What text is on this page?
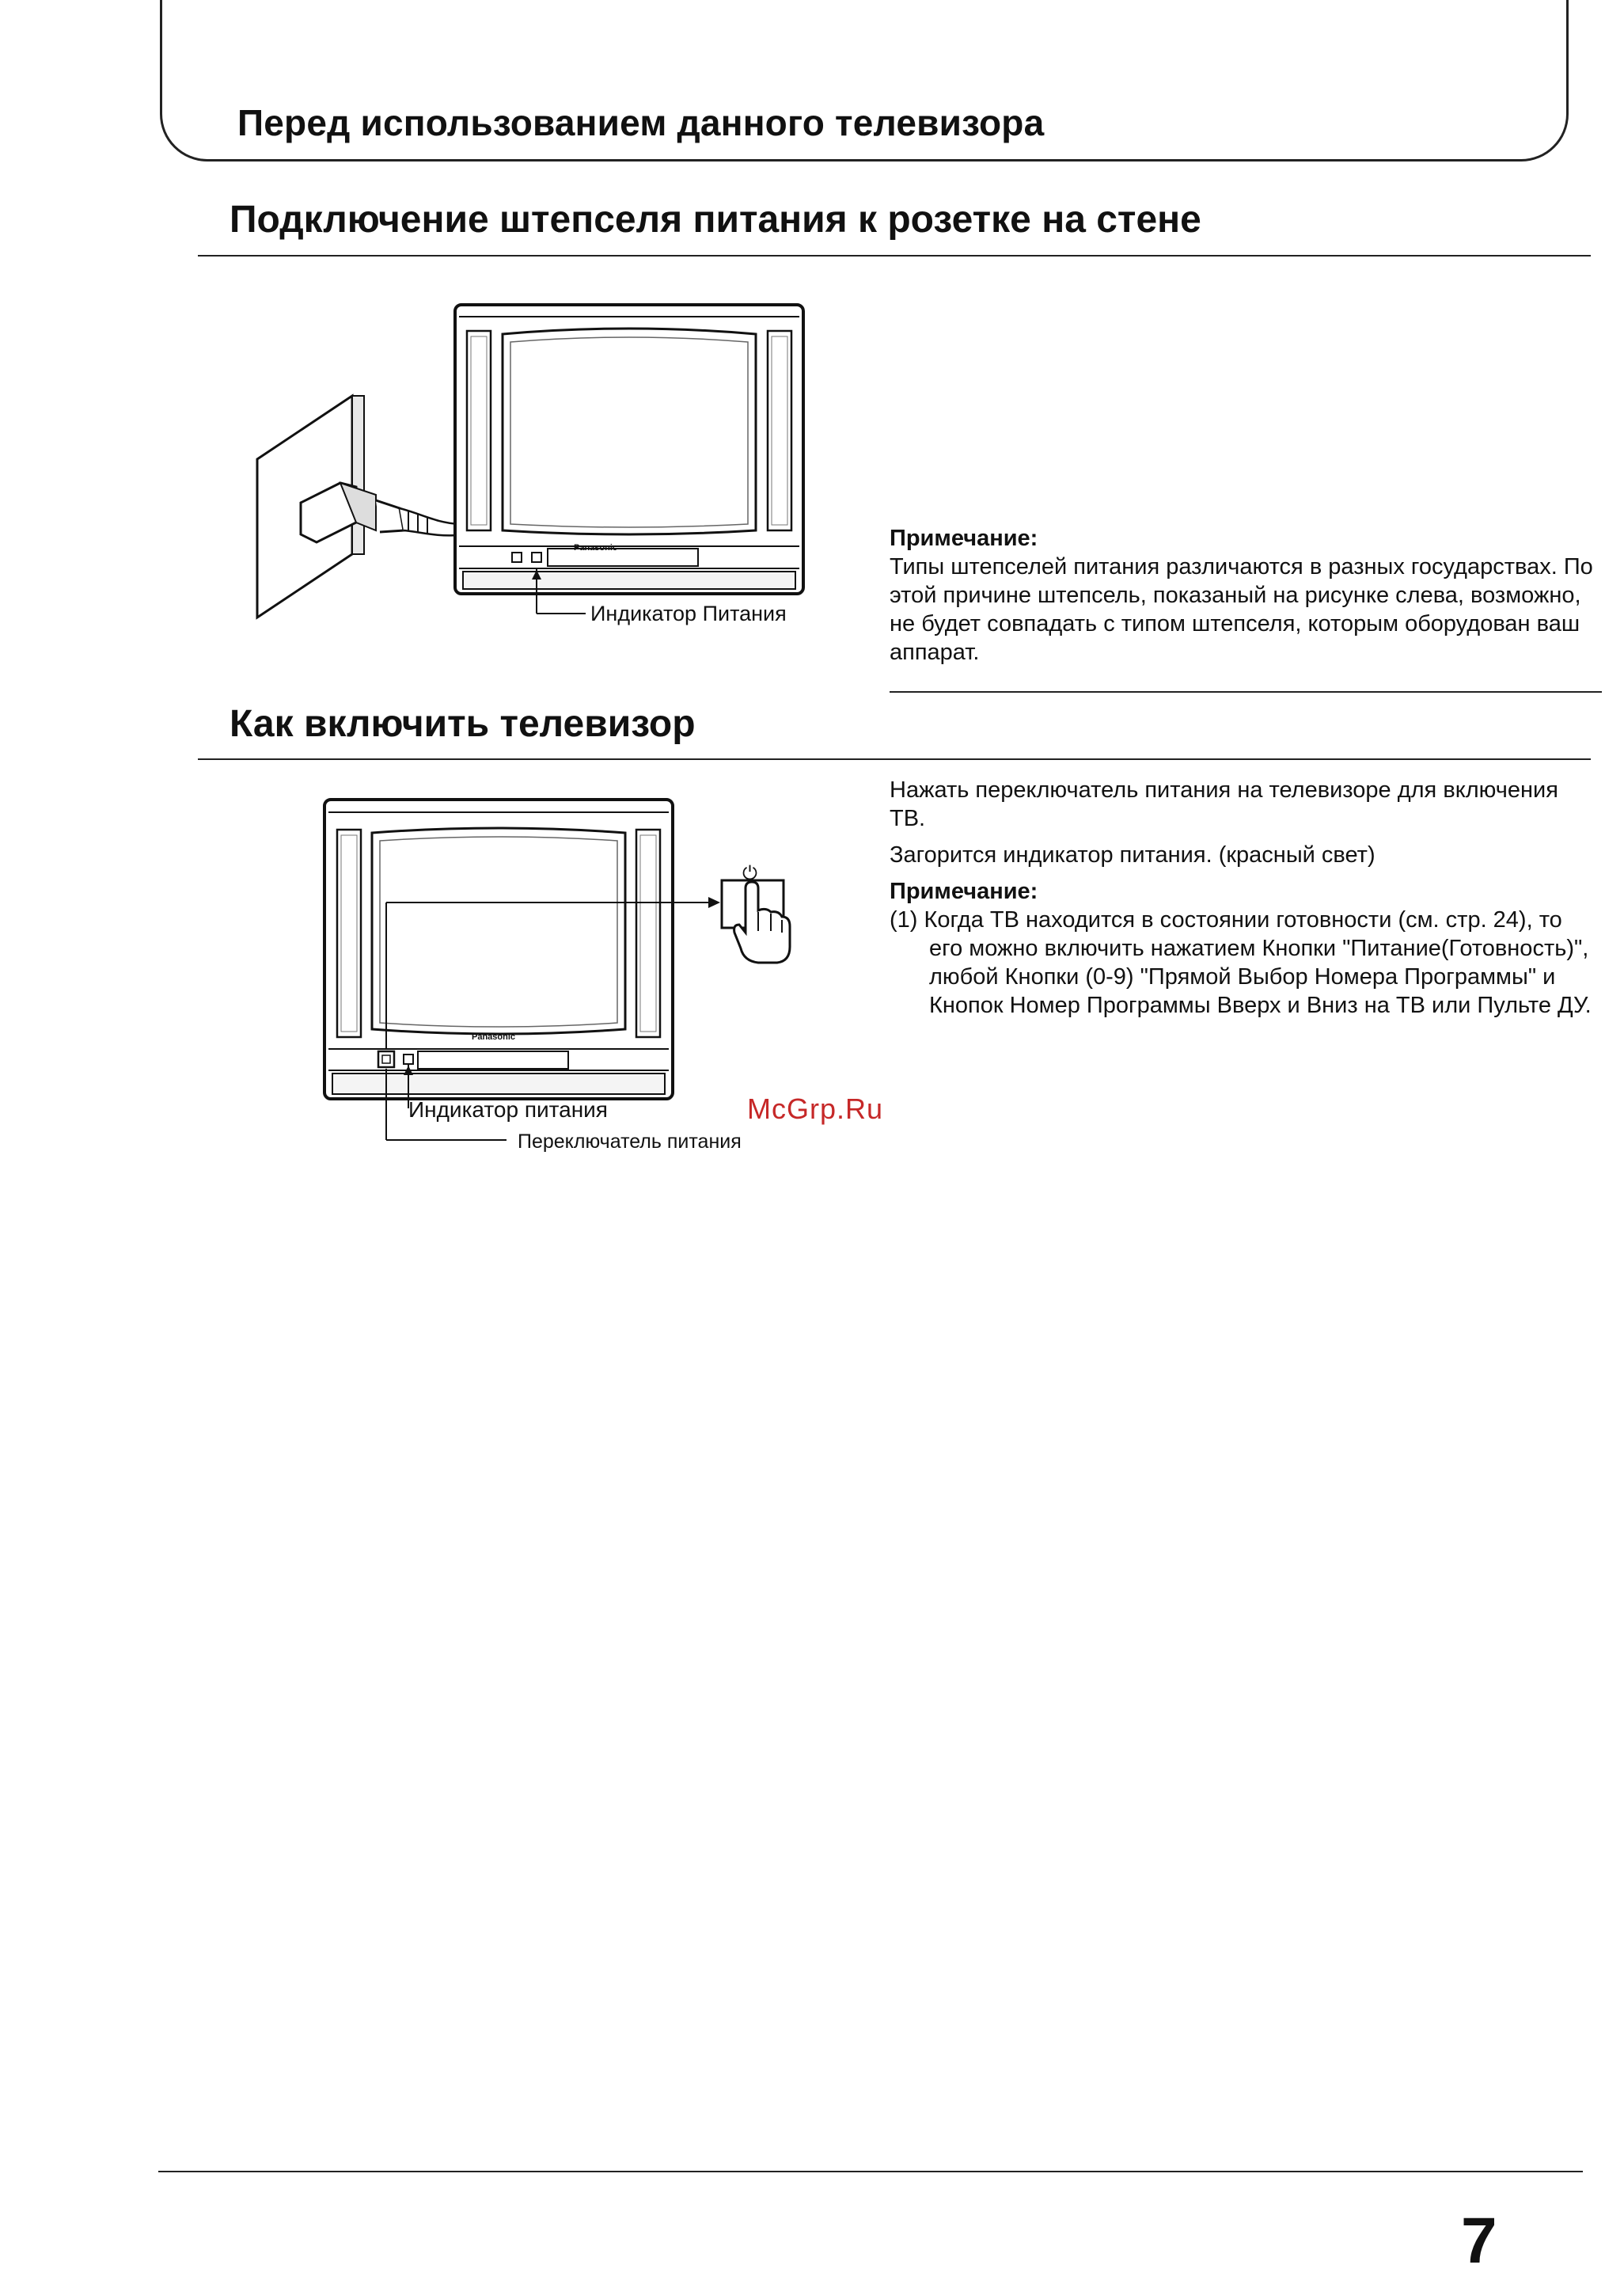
Перед использованием данного телевизора
Подключение штепселя питания к розетке на стене
Panasonic
Индикатор Питания
Примечание:
Типы штепселей питания различаются в разных государствах. По этой причине штепсель, показаный на рисунке слева, возможно, не будет совпадать с типом штепселя, которым оборудован ваш аппарат.
Как включить телевизор
Panasonic
⏻
Индикатор питания
Переключатель питания
Нажать переключатель питания на телевизоре для включения ТВ.
Загорится индикатор питания. (красный свет)
Примечание:
(1) Когда ТВ находится в состоянии готовности (см. стр. 24), то его можно включить нажатием Кнопки "Питание(Готовность)", любой Кнопки (0-9) "Прямой Выбор Номера Программы" и Кнопок Номер Программы Вверх и Вниз на ТВ или Пульте ДУ.
McGrp.Ru
7
